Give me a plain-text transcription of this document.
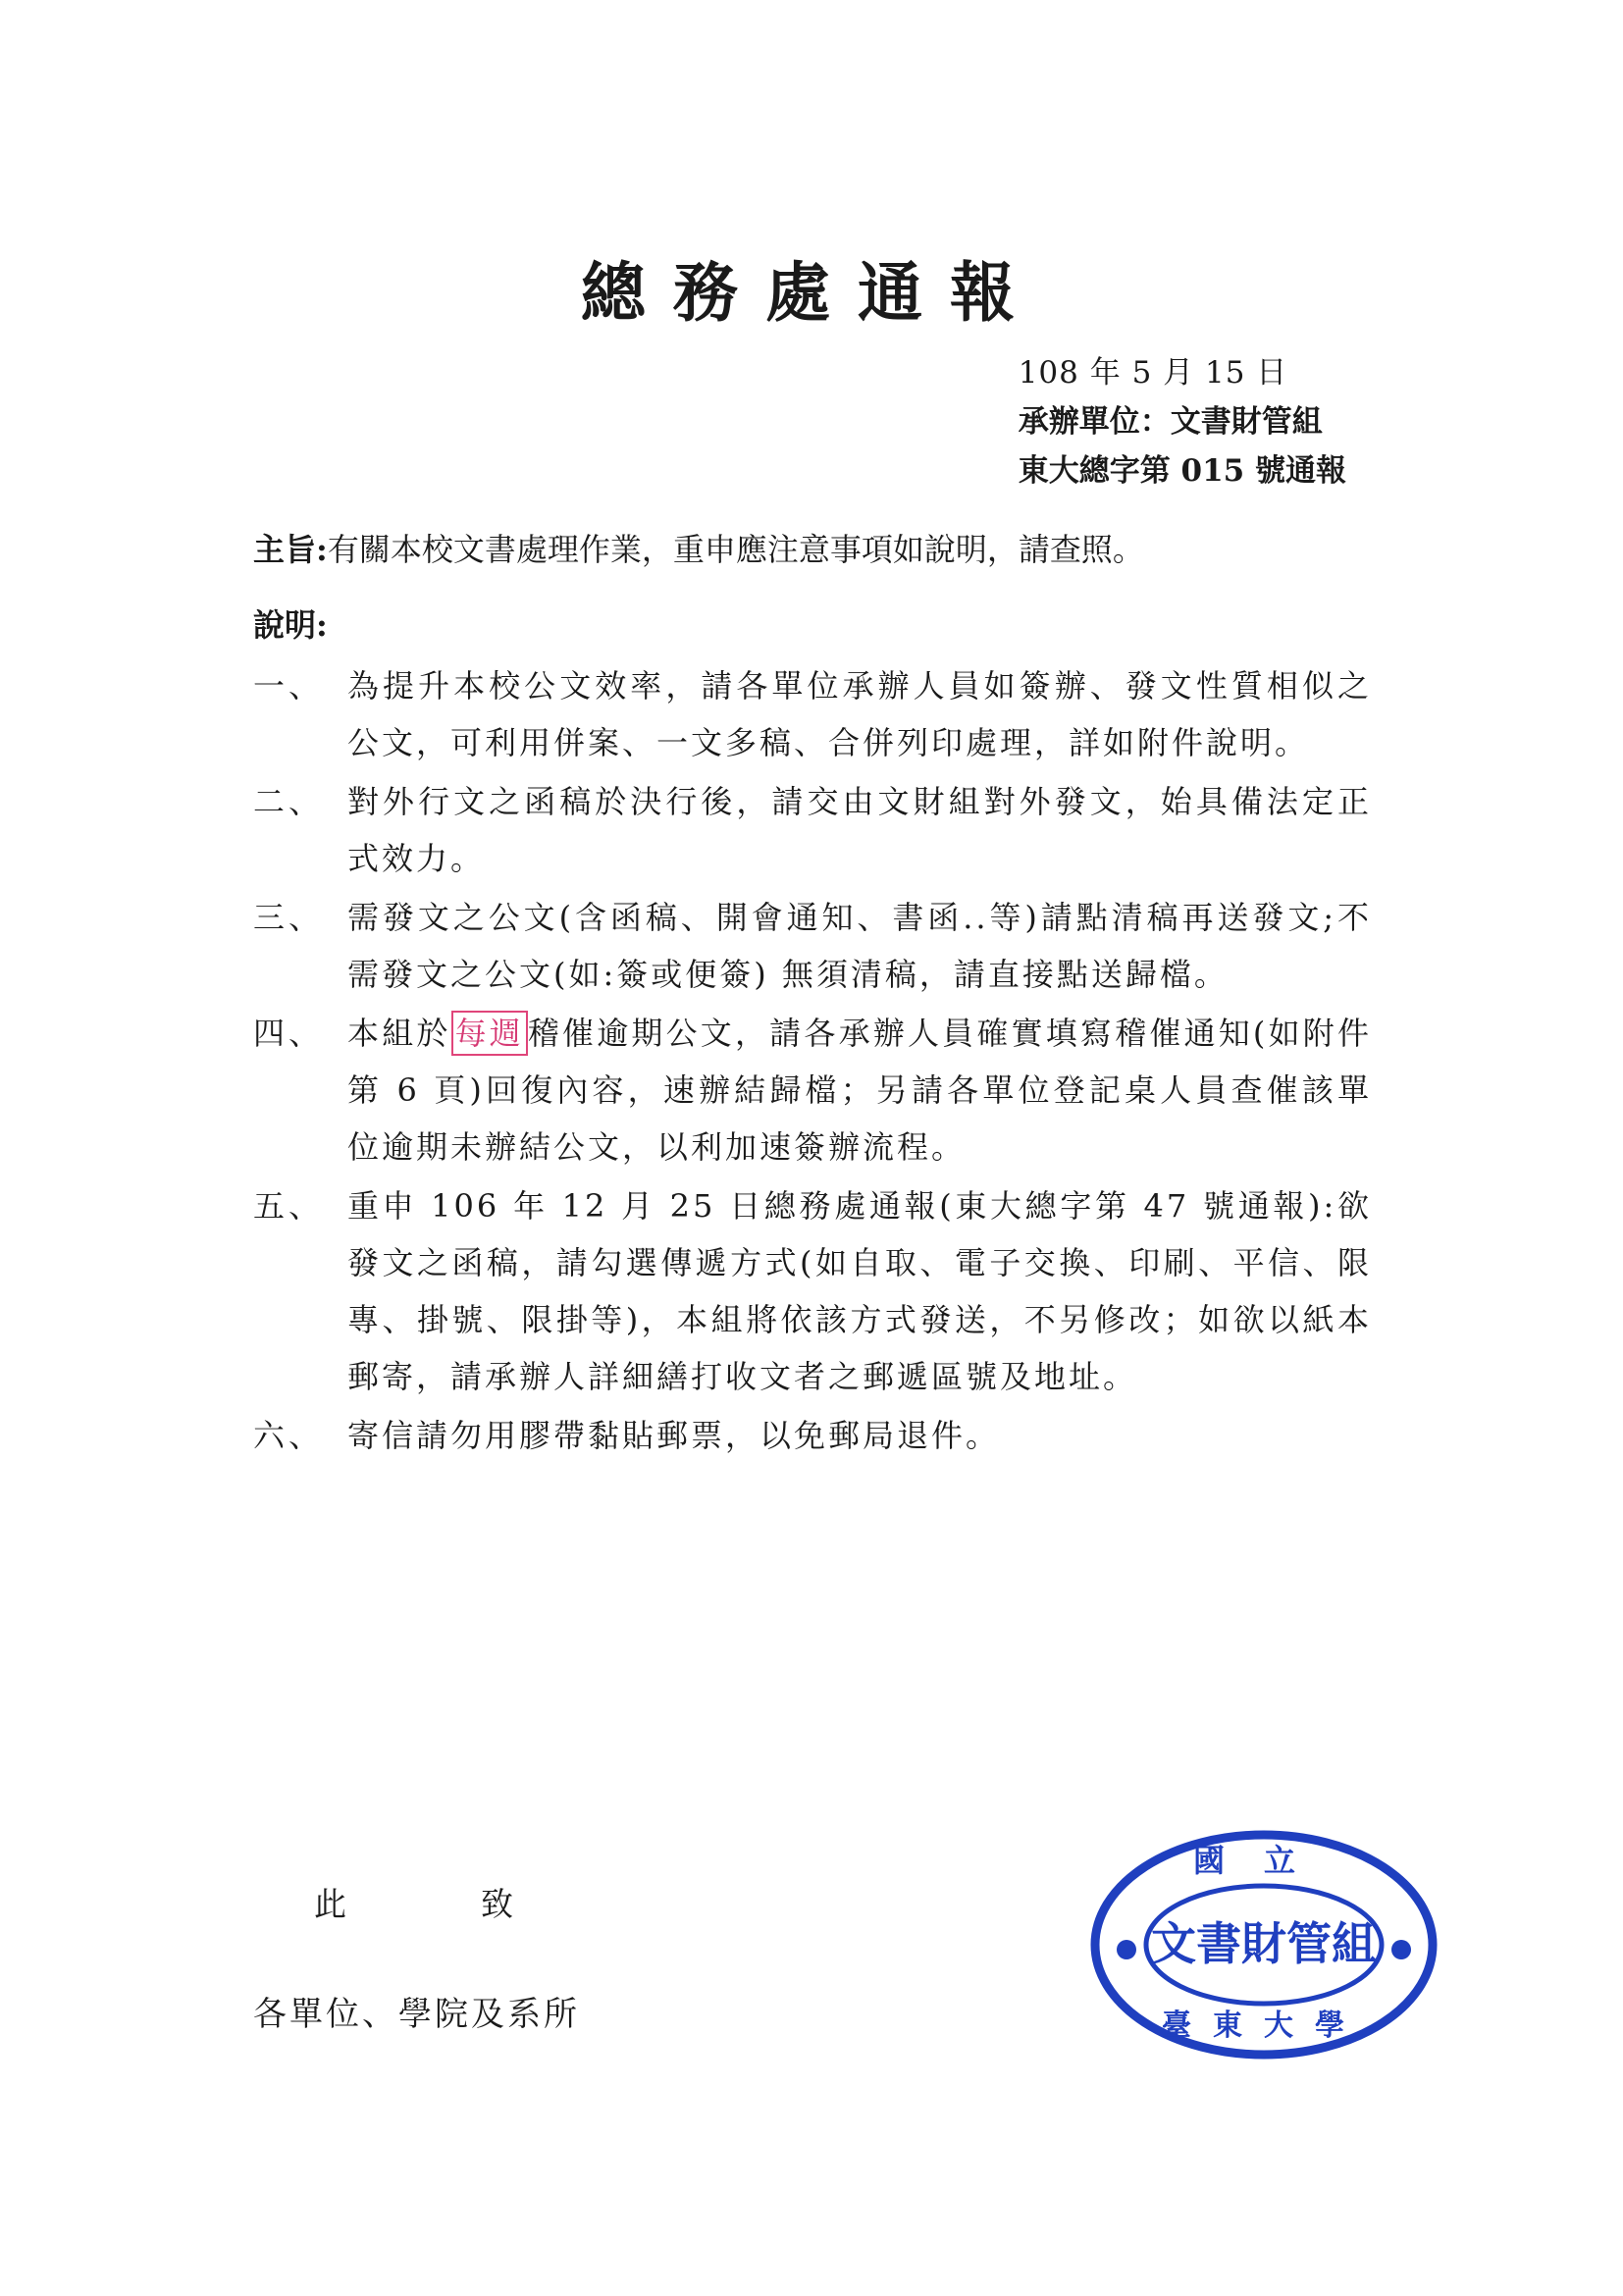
總務處通報
108 年 5 月 15 日
承辦單位：文書財管組
東大總字第 015 號通報
主旨:有關本校文書處理作業，重申應注意事項如說明，請查照。
說明:
一、 為提升本校公文效率，請各單位承辦人員如簽辦、發文性質相似之公文，可利用併案、一文多稿、合併列印處理，詳如附件說明。
二、 對外行文之函稿於決行後，請交由文財組對外發文，始具備法定正式效力。
三、 需發文之公文(含函稿、開會通知、書函..等)請點清稿再送發文;不需發文之公文(如:簽或便簽) 無須清稿，請直接點送歸檔。
四、 本組於 每週 稽催逾期公文，請各承辦人員確實填寫稽催通知(如附件第 6 頁)回復內容，速辦結歸檔；另請各單位登記桌人員查催該單位逾期未辦結公文，以利加速簽辦流程。
五、 重申 106 年 12 月 25 日總務處通報(東大總字第 47 號通報):欲發文之函稿，請勾選傳遞方式(如自取、電子交換、印刷、平信、限專、掛號、限掛等)，本組將依該方式發送，不另修改；如欲以紙本郵寄，請承辦人詳細繕打收文者之郵遞區號及地址。
六、 寄信請勿用膠帶黏貼郵票，以免郵局退件。
此	致
各單位、學院及系所
國立
文書財管組
臺東大學
